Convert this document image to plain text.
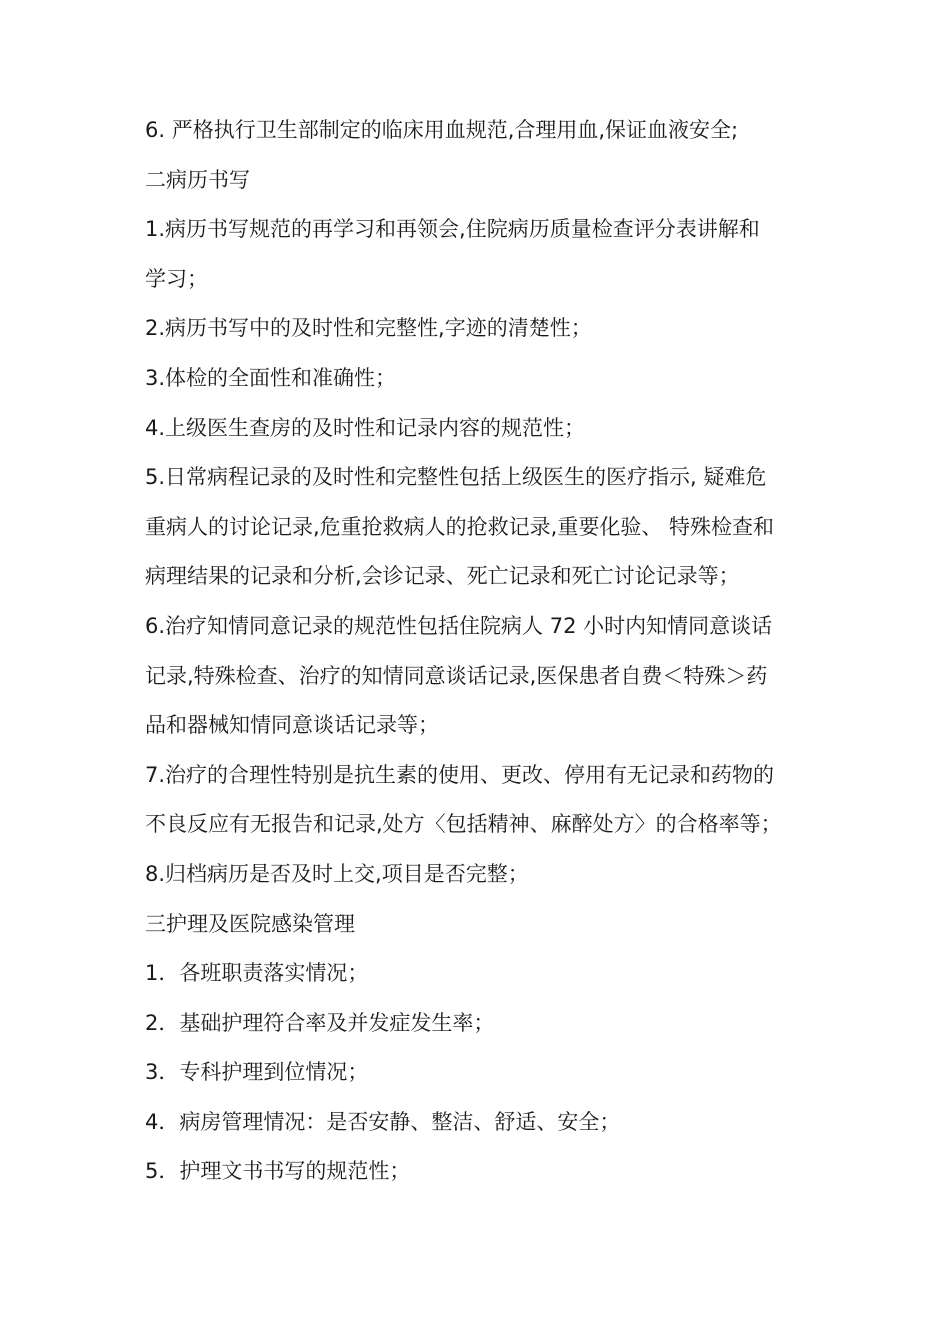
6. 严格执行卫生部制定的临床用血规范,合理用血,保证血液安全;
二病历书写
1.病历书写规范的再学习和再领会,住院病历质量检查评分表讲解和
学习；
2.病历书写中的及时性和完整性,字迹的清楚性；
3.体检的全面性和准确性；
4.上级医生查房的及时性和记录内容的规范性；
5.日常病程记录的及时性和完整性包括上级医生的医疗指示, 疑难危
重病人的讨论记录,危重抢救病人的抢救记录,重要化验、 特殊检查和
病理结果的记录和分析,会诊记录、死亡记录和死亡讨论记录等；
6.治疗知情同意记录的规范性包括住院病人 72 小时内知情同意谈话
记录,特殊检查、治疗的知情同意谈话记录,医保患者自费＜特殊＞药
品和器械知情同意谈话记录等；
7.治疗的合理性特别是抗生素的使用、更改、停用有无记录和药物的
不良反应有无报告和记录,处方〈包括精神、麻醉处方〉的合格率等；
8.归档病历是否及时上交,项目是否完整；
三护理及医院感染管理
1．各班职责落实情况；
2．基础护理符合率及并发症发生率；
3．专科护理到位情况；
4．病房管理情况：是否安静、整洁、舒适、安全；
5．护理文书书写的规范性；
